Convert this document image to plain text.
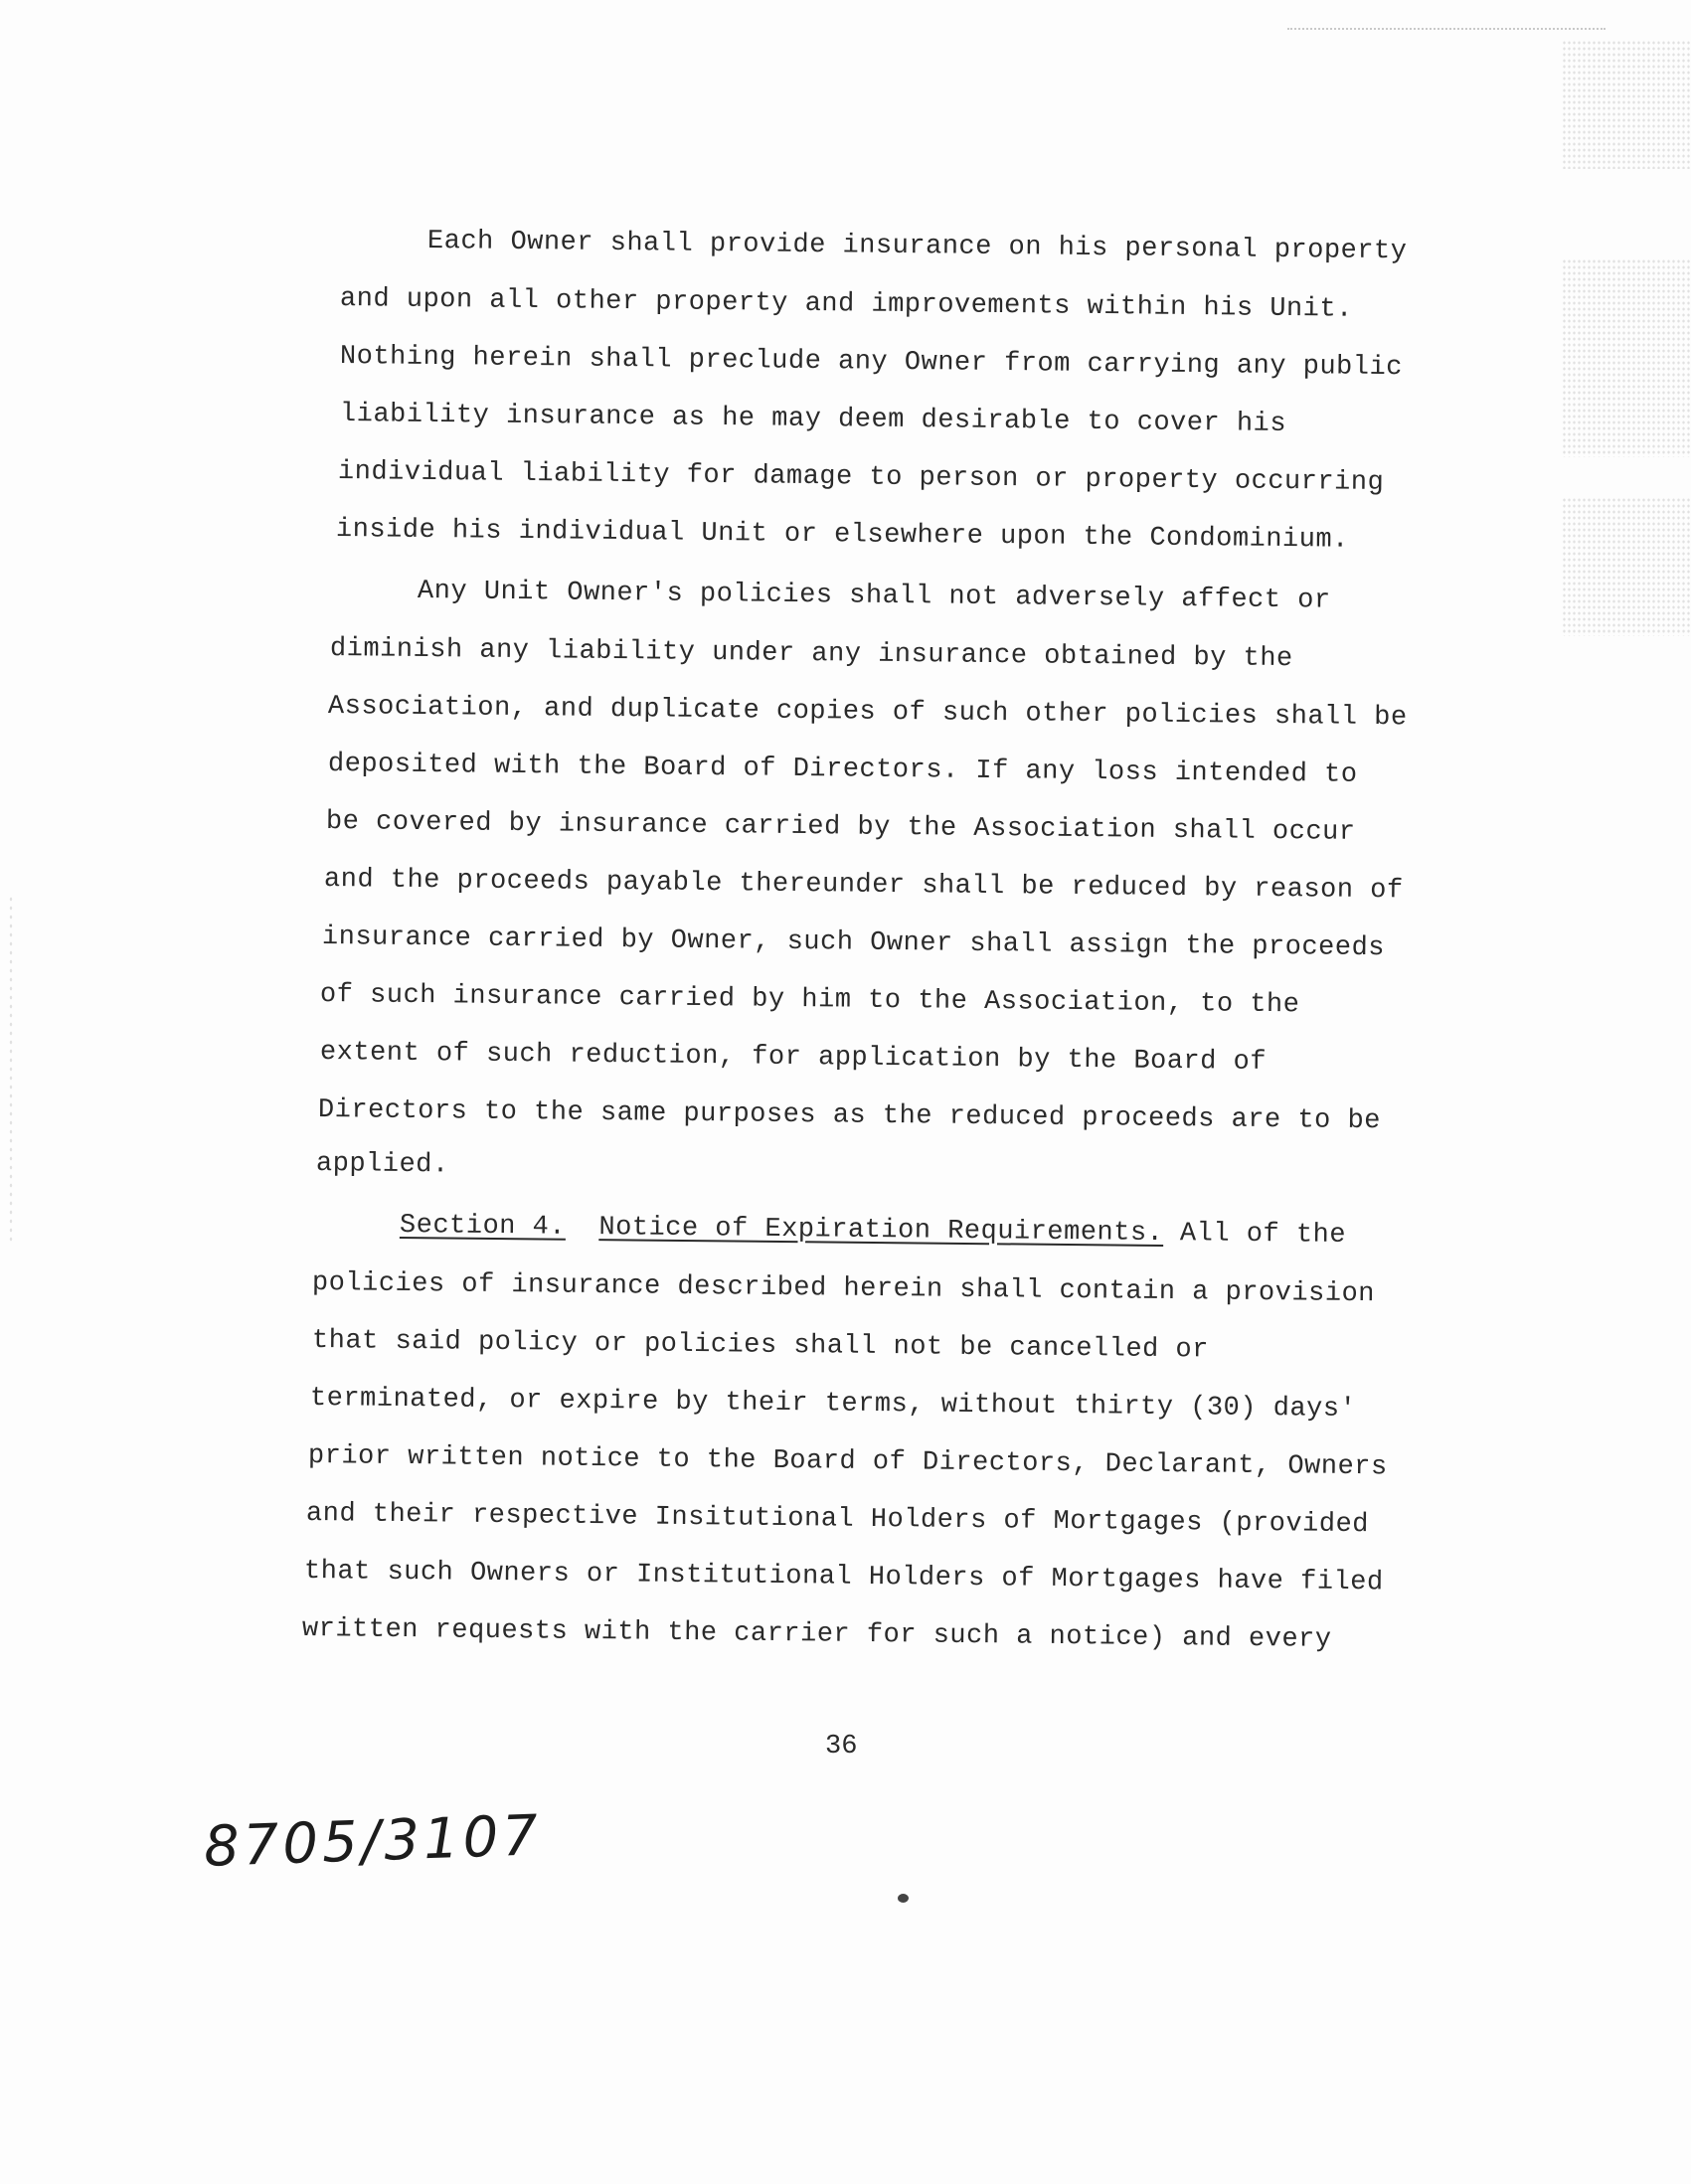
Each Owner shall provide insurance on his personal property
and upon all other property and improvements within his Unit.
Nothing herein shall preclude any Owner from carrying any public
liability insurance as he may deem desirable to cover his
individual liability for damage to person or property occurring
inside his individual Unit or elsewhere upon the Condominium.
Any Unit Owner's policies shall not adversely affect or
diminish any liability under any insurance obtained by the
Association, and duplicate copies of such other policies shall be
deposited with the Board of Directors. If any loss intended to
be covered by insurance carried by the Association shall occur
and the proceeds payable thereunder shall be reduced by reason of
insurance carried by Owner, such Owner shall assign the proceeds
of such insurance carried by him to the Association, to the
extent of such reduction, for application by the Board of
Directors to the same purposes as the reduced proceeds are to be
applied.
Section 4. Notice of Expiration Requirements. All of the
policies of insurance described herein shall contain a provision
that said policy or policies shall not be cancelled or
terminated, or expire by their terms, without thirty (30) days'
prior written notice to the Board of Directors, Declarant, Owners
and their respective Insitutional Holders of Mortgages (provided
that such Owners or Institutional Holders of Mortgages have filed
written requests with the carrier for such a notice) and every
36
8705/3107
